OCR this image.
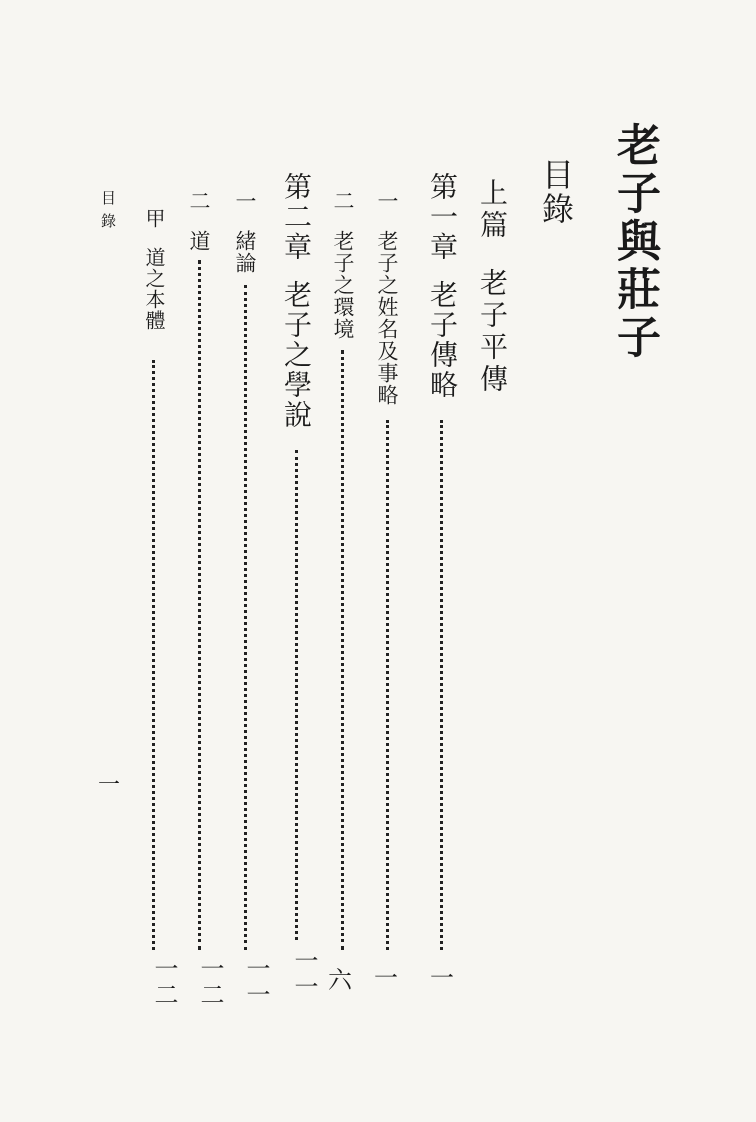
老子與莊子
目錄
上篇老子平傳
第一章老子傳略
一
一老子之姓名及事略
一
二老子之環境
六
第二章老子之學說
一一
一緒論
一一
二道
一二
甲道之本體
一二
目錄
一
